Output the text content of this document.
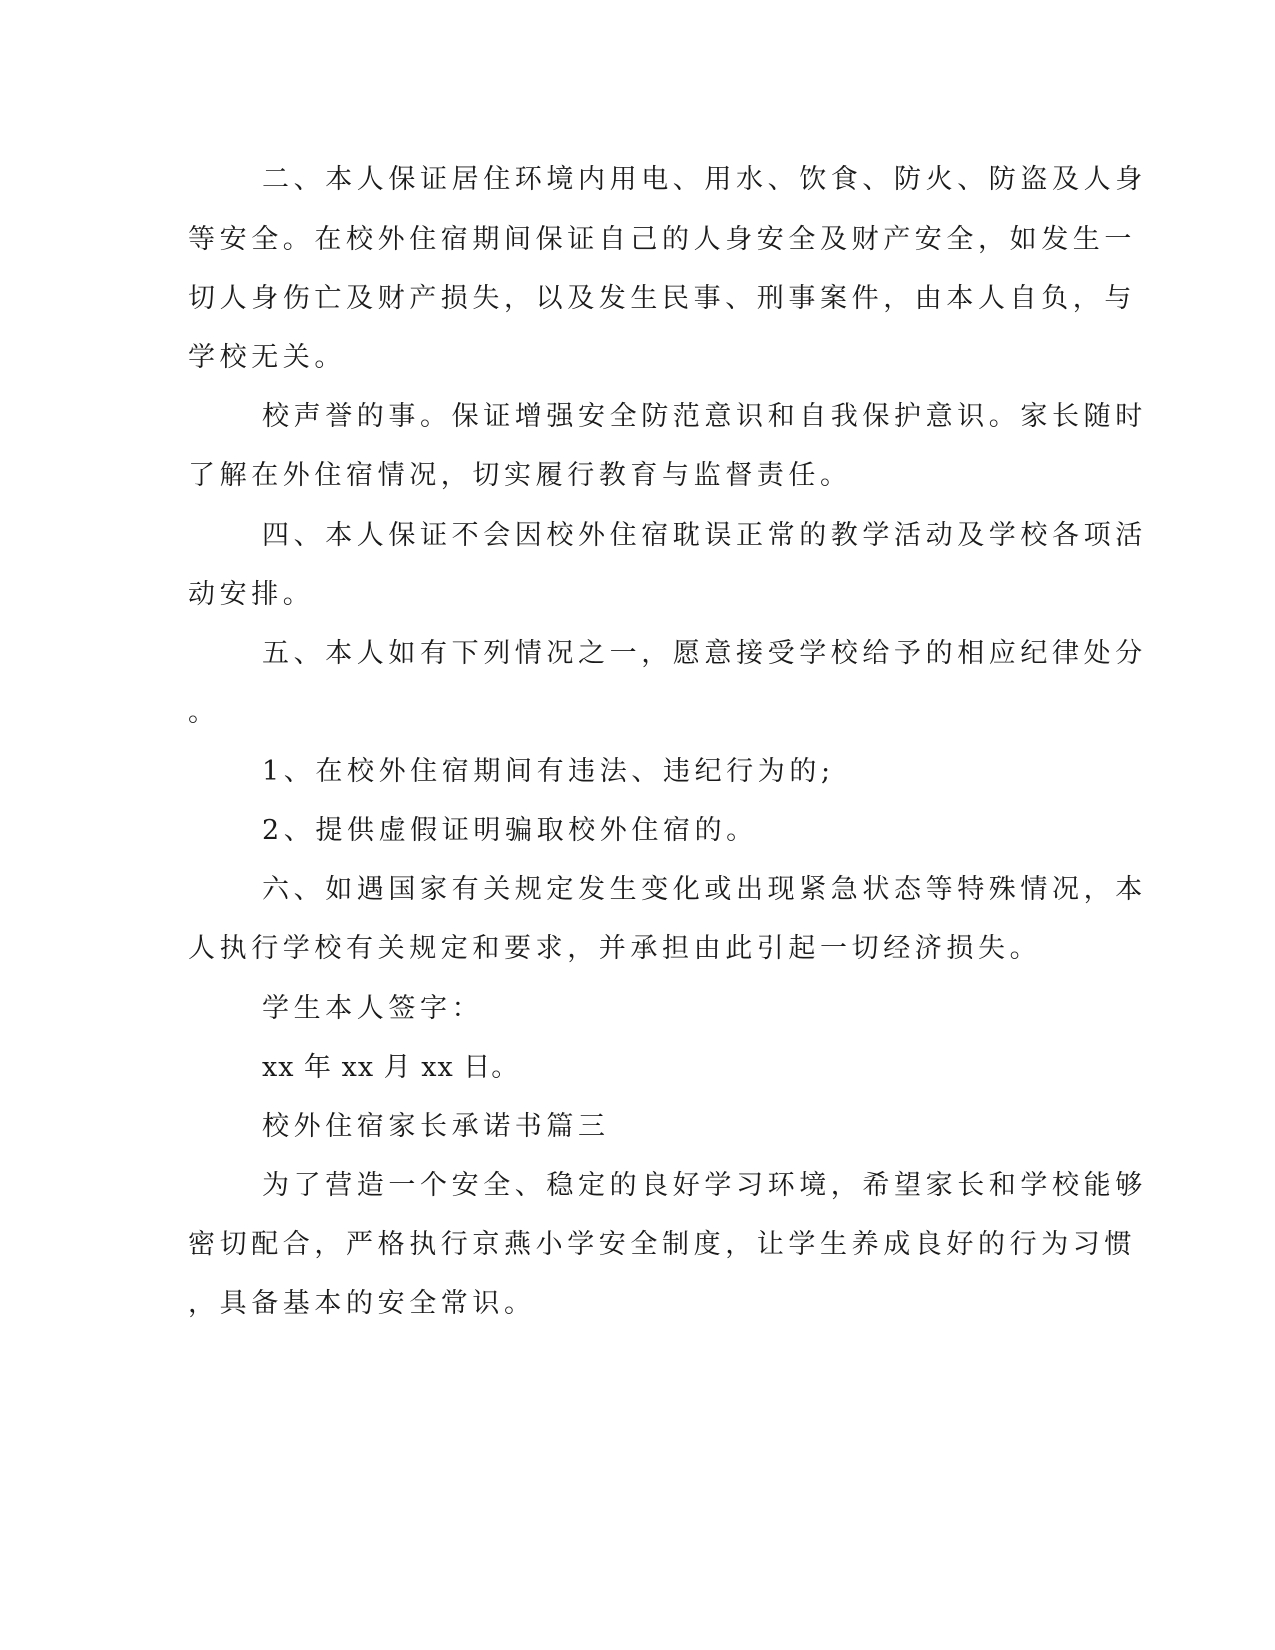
二、本人保证居住环境内用电、用水、饮食、防火、防盗及人身
等安全。在校外住宿期间保证自己的人身安全及财产安全，如发生一
切人身伤亡及财产损失，以及发生民事、刑事案件，由本人自负，与
学校无关。
校声誉的事。保证增强安全防范意识和自我保护意识。家长随时
了解在外住宿情况，切实履行教育与监督责任。
四、本人保证不会因校外住宿耽误正常的教学活动及学校各项活
动安排。
五、本人如有下列情况之一，愿意接受学校给予的相应纪律处分
。
1、在校外住宿期间有违法、违纪行为的;
2、提供虚假证明骗取校外住宿的。
六、如遇国家有关规定发生变化或出现紧急状态等特殊情况，本
人执行学校有关规定和要求，并承担由此引起一切经济损失。
学生本人签字：
xx 年 xx 月 xx 日。
校外住宿家长承诺书篇三
为了营造一个安全、稳定的良好学习环境，希望家长和学校能够
密切配合，严格执行京燕小学安全制度，让学生养成良好的行为习惯
，具备基本的安全常识。
